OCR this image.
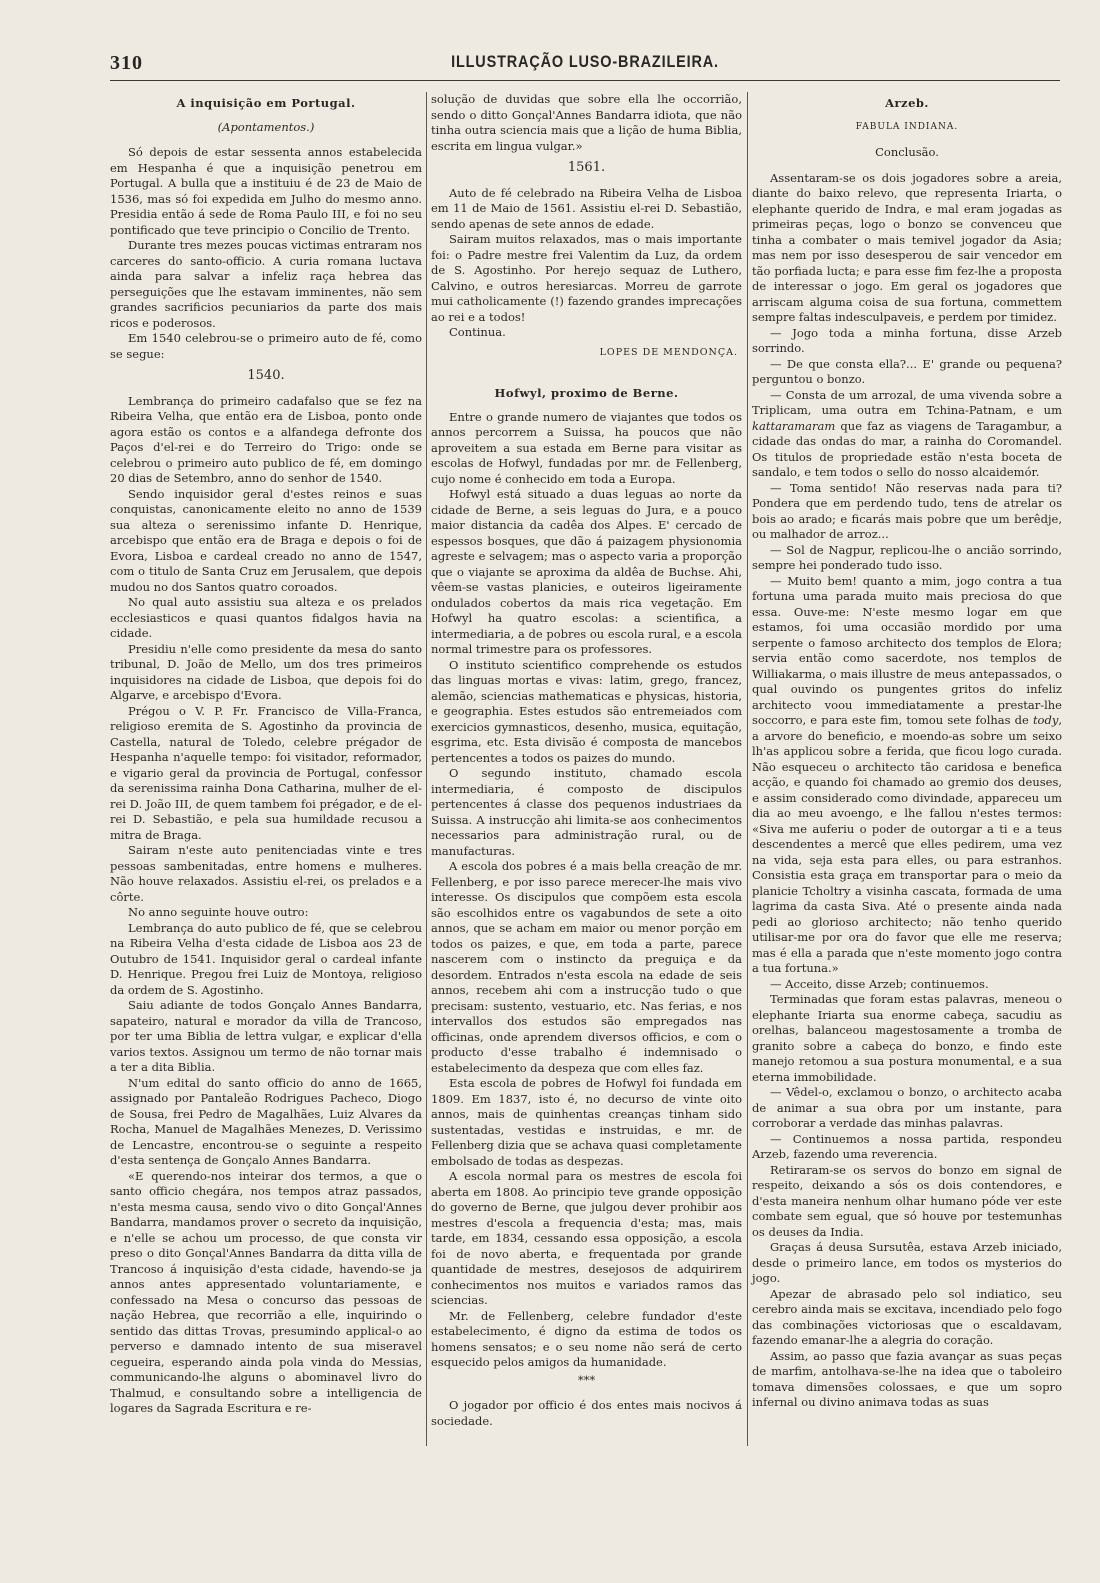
310	ILLUSTRAÇÃO LUSO-BRAZILEIRA.
A inquisição em Portugal.
(Apontamentos.)

Só depois de estar sessenta annos estabelecida em Hespanha é que a inquisição penetrou em Portugal. A bulla que a instituiu é de 23 de Maio de 1536, mas só foi expedida em Julho do mesmo anno. Presidia então á sede de Roma Paulo III, e foi no seu pontificado que teve principio o Concilio de Trento.

Durante tres mezes poucas victimas entraram nos carceres do santo-officio. A curia romana luctava ainda para salvar a infeliz raça hebrea das perseguições que lhe estavam imminentes, não sem grandes sacrificios pecuniarios da parte dos mais ricos e poderosos.

Em 1540 celebrou-se o primeiro auto de fé, como se segue:

1540.

Lembrança do primeiro cadafalso que se fez na Ribeira Velha, que então era de Lisboa, ponto onde agora estão os contos e a alfandega defronte dos Paços d'el-rei e do Terreiro do Trigo: onde se celebrou o primeiro auto publico de fé, em domingo 20 dias de Setembro, anno do senhor de 1540.

Sendo inquisidor geral d'estes reinos e suas conquistas, canonicamente eleito no anno de 1539 sua alteza o serenissimo infante D. Henrique, arcebispo que então era de Braga e depois o foi de Evora, Lisboa e cardeal creado no anno de 1547, com o titulo de Santa Cruz em Jerusalem, que depois mudou no dos Santos quatro coroados.

No qual auto assistiu sua alteza e os prelados ecclesiasticos e quasi quantos fidalgos havia na cidade.

Presidiu n'elle como presidente da mesa do santo tribunal, D. João de Mello, um dos tres primeiros inquisidores na cidade de Lisboa, que depois foi do Algarve, e arcebispo d'Evora.

Prégou o V. P. Fr. Francisco de Villa-Franca, religioso eremita de S. Agostinho da provincia de Castella, natural de Toledo, celebre prégador de Hespanha n'aquelle tempo: foi visitador, reformador, e vigario geral da provincia de Portugal, confessor da serenissima rainha Dona Catharina, mulher de el-rei D. João III, de quem tambem foi prégador, e de el-rei D. Sebastião, e pela sua humildade recusou a mitra de Braga.

Sairam n'este auto penitenciadas vinte e tres pessoas sambenitadas, entre homens e mulheres. Não houve relaxados. Assistiu el-rei, os prelados e a côrte.

No anno seguinte houve outro:

Lembrança do auto publico de fé, que se celebrou na Ribeira Velha d'esta cidade de Lisboa aos 23 de Outubro de 1541. Inquisidor geral o cardeal infante D. Henrique. Pregou frei Luiz de Montoya, religioso da ordem de S. Agostinho.

Saiu adiante de todos Gonçalo Annes Bandarra, sapateiro, natural e morador da villa de Trancoso, por ter uma Biblia de lettra vulgar, e explicar d'ella varios textos. Assignou um termo de não tornar mais a ter a dita Biblia.

N'um edital do santo officio do anno de 1665, assignado por Pantaleão Rodrigues Pacheco, Diogo de Sousa, frei Pedro de Magalhães, Luiz Alvares da Rocha, Manuel de Magalhães Menezes, D. Verissimo de Lencastre, encontrou-se o seguinte a respeito d'esta sentença de Gonçalo Annes Bandarra.

«E querendo-nos inteirar dos termos, a que o santo officio chegára, nos tempos atraz passados, n'esta mesma causa, sendo vivo o dito Gonçal'Annes Bandarra, mandamos prover o secreto da inquisição, e n'elle se achou um processo, de que consta vir preso o dito Gonçal'Annes Bandarra da ditta villa de Trancoso á inquisição d'esta cidade, havendo-se ja annos antes appresentado voluntariamente, e confessado na Mesa o concurso das pessoas de nação Hebrea, que recorrião a elle, inquirindo o sentido das dittas Trovas, presumindo applical-o ao perverso e damnado intento de sua miseravel cegueira, esperando ainda pola vinda do Messias, communicando-lhe alguns o abominavel livro do Thalmud, e consultando sobre a intelligencia de logares da Sagrada Escritura e re-

solução de duvidas que sobre ella lhe occorrião, sendo o ditto Gonçal'Annes Bandarra idiota, que não tinha outra sciencia mais que a lição de huma Biblia, escrita em lingua vulgar.»

1561.

Auto de fé celebrado na Ribeira Velha de Lisboa em 11 de Maio de 1561. Assistiu el-rei D. Sebastião, sendo apenas de sete annos de edade.

Sairam muitos relaxados, mas o mais importante foi: o Padre mestre frei Valentim da Luz, da ordem de S. Agostinho. Por herejo sequaz de Luthero, Calvino, e outros heresiarcas. Morreu de garrote mui catholicamente (!) fazendo grandes imprecações ao rei e a todos!

Continua.

LOPES DE MENDONÇA.
Hofwyl, proximo de Berne.

Entre o grande numero de viajantes que todos os annos percorrem a Suissa, ha poucos que não aproveitem a sua estada em Berne para visitar as escolas de Hofwyl, fundadas por mr. de Fellenberg, cujo nome é conhecido em toda a Europa.

Hofwyl está situado a duas leguas ao norte da cidade de Berne, a seis leguas do Jura, e a pouco maior distancia da cadêa dos Alpes. E' cercado de espessos bosques, que dão á paizagem physionomia agreste e selvagem; mas o aspecto varia a proporção que o viajante se aproxima da aldêa de Buchse. Ahi, vêem-se vastas planicies, e outeiros ligeiramente ondulados cobertos da mais rica vegetação. Em Hofwyl ha quatro escolas: a scientifica, a intermediaria, a de pobres ou escola rural, e a escola normal trimestre para os professores.

O instituto scientifico comprehende os estudos das linguas mortas e vivas: latim, grego, francez, alemão, sciencias mathematicas e physicas, historia, e geographia. Estes estudos são entremeiados com exercicios gymnasticos, desenho, musica, equitação, esgrima, etc. Esta divisão é composta de mancebos pertencentes a todos os paizes do mundo.

O segundo instituto, chamado escola intermediaria, é composto de discipulos pertencentes á classe dos pequenos industriaes da Suissa. A instrucção ahi limita-se aos conhecimentos necessarios para administração rural, ou de manufacturas.

A escola dos pobres é a mais bella creação de mr. Fellenberg, e por isso parece merecer-lhe mais vivo interesse. Os discipulos que compõem esta escola são escolhidos entre os vagabundos de sete a oito annos, que se acham em maior ou menor porção em todos os paizes, e que, em toda a parte, parece nascerem com o instincto da preguiça e da desordem. Entrados n'esta escola na edade de seis annos, recebem ahi com a instrucção tudo o que precisam: sustento, vestuario, etc. Nas ferias, e nos intervallos dos estudos são empregados nas officinas, onde aprendem diversos officios, e com o producto d'esse trabalho é indemnisado o estabelecimento da despeza que com elles faz.

Esta escola de pobres de Hofwyl foi fundada em 1809. Em 1837, isto é, no decurso de vinte oito annos, mais de quinhentas creanças tinham sido sustentadas, vestidas e instruidas, e mr. de Fellenberg dizia que se achava quasi completamente embolsado de todas as despezas.

A escola normal para os mestres de escola foi aberta em 1808. Ao principio teve grande opposição do governo de Berne, que julgou dever prohibir aos mestres d'escola a frequencia d'esta; mas, mais tarde, em 1834, cessando essa opposição, a escola foi de novo aberta, e frequentada por grande quantidade de mestres, desejosos de adquirirem conhecimentos nos muitos e variados ramos das sciencias.

Mr. de Fellenberg, celebre fundador d'este estabelecimento, é digno da estima de todos os homens sensatos; e o seu nome não será de certo esquecido pelos amigos da humanidade.

***

O jogador por officio é dos entes mais nocivos á sociedade.

Arzeb.
FABULA INDIANA.
Conclusão.

Assentaram-se os dois jogadores sobre a areia, diante do baixo relevo, que representa Iriarta, o elephante querido de Indra, e mal eram jogadas as primeiras peças, logo o bonzo se convenceu que tinha a combater o mais temivel jogador da Asia; mas nem por isso desesperou de sair vencedor em tão porfiada lucta; e para esse fim fez-lhe a proposta de interessar o jogo. Em geral os jogadores que arriscam alguma coisa de sua fortuna, commettem sempre faltas indesculpaveis, e perdem por timidez.

— Jogo toda a minha fortuna, disse Arzeb sorrindo.

— De que consta ella?... E' grande ou pequena? perguntou o bonzo.

— Consta de um arrozal, de uma vivenda sobre a Triplicam, uma outra em Tchina-Patnam, e um kattaramaram que faz as viagens de Taragambur, a cidade das ondas do mar, a rainha do Coromandel. Os titulos de propriedade estão n'esta boceta de sandalo, e tem todos o sello do nosso alcaidemór.

— Toma sentido! Não reservas nada para ti? Pondera que em perdendo tudo, tens de atrelar os bois ao arado; e ficarás mais pobre que um berêdje, ou malhador de arroz...

— Sol de Nagpur, replicou-lhe o ancião sorrindo, sempre hei ponderado tudo isso.

— Muito bem! quanto a mim, jogo contra a tua fortuna uma parada muito mais preciosa do que essa. Ouve-me: N'este mesmo logar em que estamos, foi uma occasião mordido por uma serpente o famoso architecto dos templos de Elora; servia então como sacerdote, nos templos de Williakarma, o mais illustre de meus antepassados, o qual ouvindo os pungentes gritos do infeliz architecto voou immediatamente a prestar-lhe soccorro, e para este fim, tomou sete folhas de tody, a arvore do beneficio, e moendo-as sobre um seixo lh'as applicou sobre a ferida, que ficou logo curada. Não esqueceu o architecto tão caridosa e benefica acção, e quando foi chamado ao gremio dos deuses, e assim considerado como divindade, appareceu um dia ao meu avoengo, e lhe fallou n'estes termos: «Siva me auferiu o poder de outorgar a ti e a teus descendentes a mercê que elles pedirem, uma vez na vida, seja esta para elles, ou para estranhos. Consistia esta graça em transportar para o meio da planicie Tcholtry a visinha cascata, formada de uma lagrima da casta Siva. Até o presente ainda nada pedi ao glorioso architecto; não tenho querido utilisar-me por ora do favor que elle me reserva; mas é ella a parada que n'este momento jogo contra a tua fortuna.»

— Acceito, disse Arzeb; continuemos.

Terminadas que foram estas palavras, meneou o elephante Iriarta sua enorme cabeça, sacudiu as orelhas, balanceou magestosamente a tromba de granito sobre a cabeça do bonzo, e findo este manejo retomou a sua postura monumental, e a sua eterna immobilidade.

— Vêdel-o, exclamou o bonzo, o architecto acaba de animar a sua obra por um instante, para corroborar a verdade das minhas palavras.

— Continuemos a nossa partida, respondeu Arzeb, fazendo uma reverencia.

Retiraram-se os servos do bonzo em signal de respeito, deixando a sós os dois contendores, e d'esta maneira nenhum olhar humano póde ver este combate sem egual, que só houve por testemunhas os deuses da India.

Graças á deusa Sursutêa, estava Arzeb iniciado, desde o primeiro lance, em todos os mysterios do jogo.

Apezar de abrasado pelo sol indiatico, seu cerebro ainda mais se excitava, incendiado pelo fogo das combinações victoriosas que o escaldavam, fazendo emanar-lhe a alegria do coração.

Assim, ao passo que fazia avançar as suas peças de marfim, antolhava-se-lhe na idea que o taboleiro tomava dimensões colossaes, e que um sopro infernal ou divino animava todas as suas
